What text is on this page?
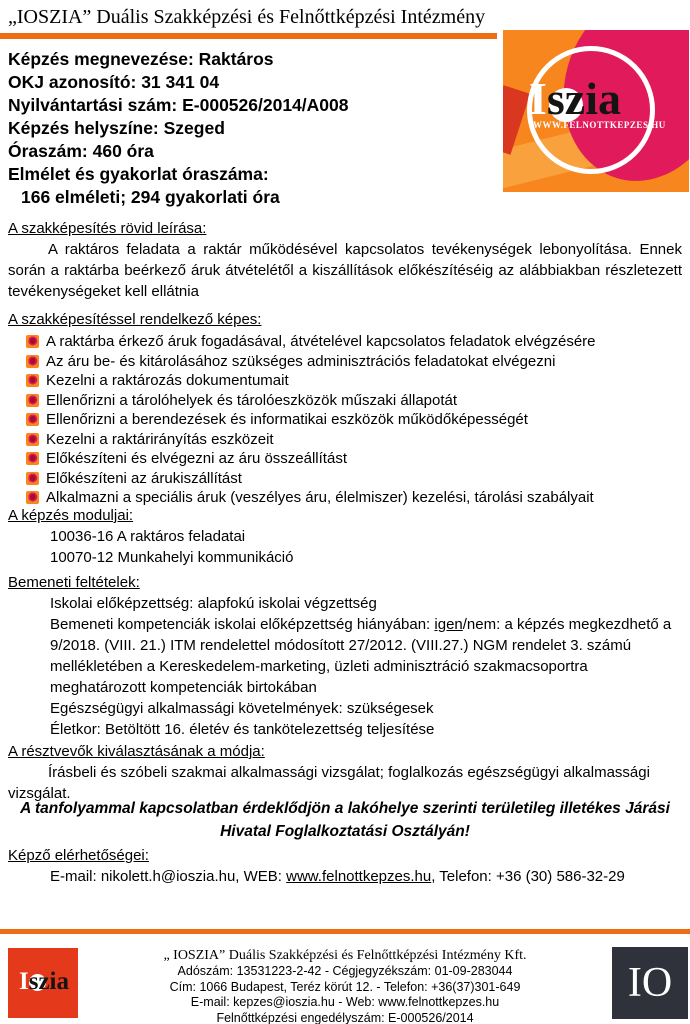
„IOSZIA” Duális Szakképzési és Felnőttképzési Intézmény
Iszia
WWW.FELNOTTKEPZES.HU
Képzés megnevezése: Raktáros
OKJ azonosító: 31 341 04
Nyilvántartási szám: E-000526/2014/A008
Képzés helyszíne: Szeged
Óraszám: 460 óra
Elmélet és gyakorlat óraszáma:
166 elméleti; 294 gyakorlati óra
A szakképesítés rövid leírása:
A raktáros feladata a raktár működésével kapcsolatos tevékenységek lebonyolítása. Ennek során a raktárba beérkező áruk átvételétől a kiszállítások előkészítéséig az alábbiakban részletezett tevékenységeket kell ellátnia
A szakképesítéssel rendelkező képes:
A raktárba érkező áruk fogadásával, átvételével kapcsolatos feladatok elvégzésére
Az áru be- és kitárolásához szükséges adminisztrációs feladatokat elvégezni
Kezelni a raktározás dokumentumait
Ellenőrizni a tárolóhelyek és tárolóeszközök műszaki állapotát
Ellenőrizni a berendezések és informatikai eszközök működőképességét
Kezelni a raktárirányítás eszközeit
Előkészíteni és elvégezni az áru összeállítást
Előkészíteni az árukiszállítást
Alkalmazni a speciális áruk (veszélyes áru, élelmiszer) kezelési, tárolási szabályait
A képzés moduljai:
10036-16 A raktáros feladatai
10070-12 Munkahelyi kommunikáció
Bemeneti feltételek:
Iskolai előképzettség: alapfokú iskolai végzettség
Bemeneti kompetenciák iskolai előképzettség hiányában: igen/nem: a képzés megkezdhető a 9/2018. (VIII. 21.) ITM rendelettel módosított 27/2012. (VIII.27.) NGM rendelet 3. számú mellékletében a Kereskedelem-marketing, üzleti adminisztráció szakmacsoportra meghatározott kompetenciák birtokában
Egészségügyi alkalmassági követelmények: szükségesek
Életkor: Betöltött 16. életév és tankötelezettség teljesítése
A résztvevők kiválasztásának a módja:
Írásbeli és szóbeli szakmai alkalmassági vizsgálat; foglalkozás egészségügyi alkalmassági vizsgálat.
A tanfolyammal kapcsolatban érdeklődjön a lakóhelye szerinti területileg illetékes Járási Hivatal Foglalkoztatási Osztályán!
Képző elérhetőségei:
E-mail: nikolett.h@ioszia.hu, WEB: www.felnottkepzes.hu, Telefon: +36 (30) 586-32-29
Iszia
„ IOSZIA” Duális Szakképzési és Felnőttképzési Intézmény Kft.
Adószám: 13531223-2-42 - Cégjegyzékszám: 01-09-283044
Cím: 1066 Budapest, Teréz körút 12. - Telefon: +36(37)301-649
E-mail: kepzes@ioszia.hu - Web: www.felnottkepzes.hu
Felnőttképzési engedélyszám: E-000526/2014
IO
